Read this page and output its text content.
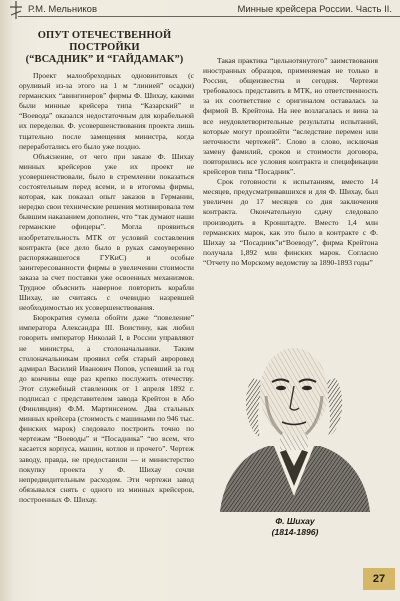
Р.М. Мельников	Минные крейсера России. Часть II.
ОПУТ ОТЕЧЕСТВЕННОЙ ПОСТРОЙКИ
(“ВСАДНИК” И “ГАЙДАМАК”)

Проект малообреходных одновинтовых (с оруливый из-за этого на 1 м “линией” осадки) германских “авингинеров” фирмы Ф. Шихау, какими были минные крейсера типа “Казарский” и “Воевода” оказался недостаточным для корабельной их переделки. Ф. усовершенствования проекта лишь тщательно после замещения министра, когда переработались его было уже поздно.

Объяснение, от чего при заказе Ф. Шихау минных крейсеров уже их проект не усовершенствовали, было в стремлении показаться состоятельным перед всеми, и в итогомы фирмы, которая, как показал опыт заказов в Германии, нередко свои технические решения мотивировала тем бывшим наказанием дополнен, что “так думают наши германские офицеры”. Могла проявиться изобретательность МТК от условий составления контракта (все дело было в руках самоуверенно распоряжавшегося ГУКиС) и особые заинтересованности фирмы в увеличении стоимости заказа за счет поставки уже освоенных механизмов. Трудное объяснить наверное повторить корабли Шихау, не считаясь с очевидно назревшей необходимостью их усовершенствования.

Бюрократия сумела обойти даже “повеление” императора Александра III. Воистину, как любил говорить император Николай I, в России управляют не министры, а столоначальники. Таким столоначальникам проявил себя старый авроровед адмирал Василий Иванович Попов, успевший за год до кончины еще раз крепко послужить отечеству. Этот служебный ставленник от 1 апреля 1892 г. подписал с представителем завода Крейтон в Або (Финляндия) Ф.М. Мартинсеном. Два стальных минных крейсера (стоимость с машинами по 946 тыс. финских марок) следовало построить точно по чертежам “Воеводы” и “Посадника” “во всем, что касается корпуса, машин, котлов и прочего”. Чертеж заводу, правда, не предоставили — и министерство покупку проекта у Ф. Шихау сочли непредвидительным расходом. Эти чертежи завод обязывался снять с одного из минных крейсеров, построенных Ф. Шихау.

Такая практика “цельнотянутого” заимствования иностранных образцов, применяемая не только в России, общеизвестна и сегодня. Чертежи требовалось представить в МТК, но ответственность за их соответствие с оригиналом оставалась за фирмой В. Крейтона. На нее возлагалась и вина за все неудовлетворительные результаты испытаний, которые могут произойти “вследствие перемен или неточности чертежей”. Слово в слово, исключая замену фамилий, сроков и стоимости договора, повторились все условия контракта и спецификации крейсеров типа “Посадник”.

Срок готовности к испытаниям, вместо 14 месяцев, предусматривавшихся и для Ф. Шихау, был увеличен до 17 месяцев со дня заключения контракта. Окончательную сдачу следовало производить в Кронштадте. Вместо 1,4 млн германских марок, как это было в контракте с Ф. Шихау за “Посадник”и“Воеводу”, фирма Крейтона получала 1,892 млн финских марок. Согласно “Отчету по Морскому ведомству за 1890-1893 годы”

Ф. Шихау
(1814-1896)
27
